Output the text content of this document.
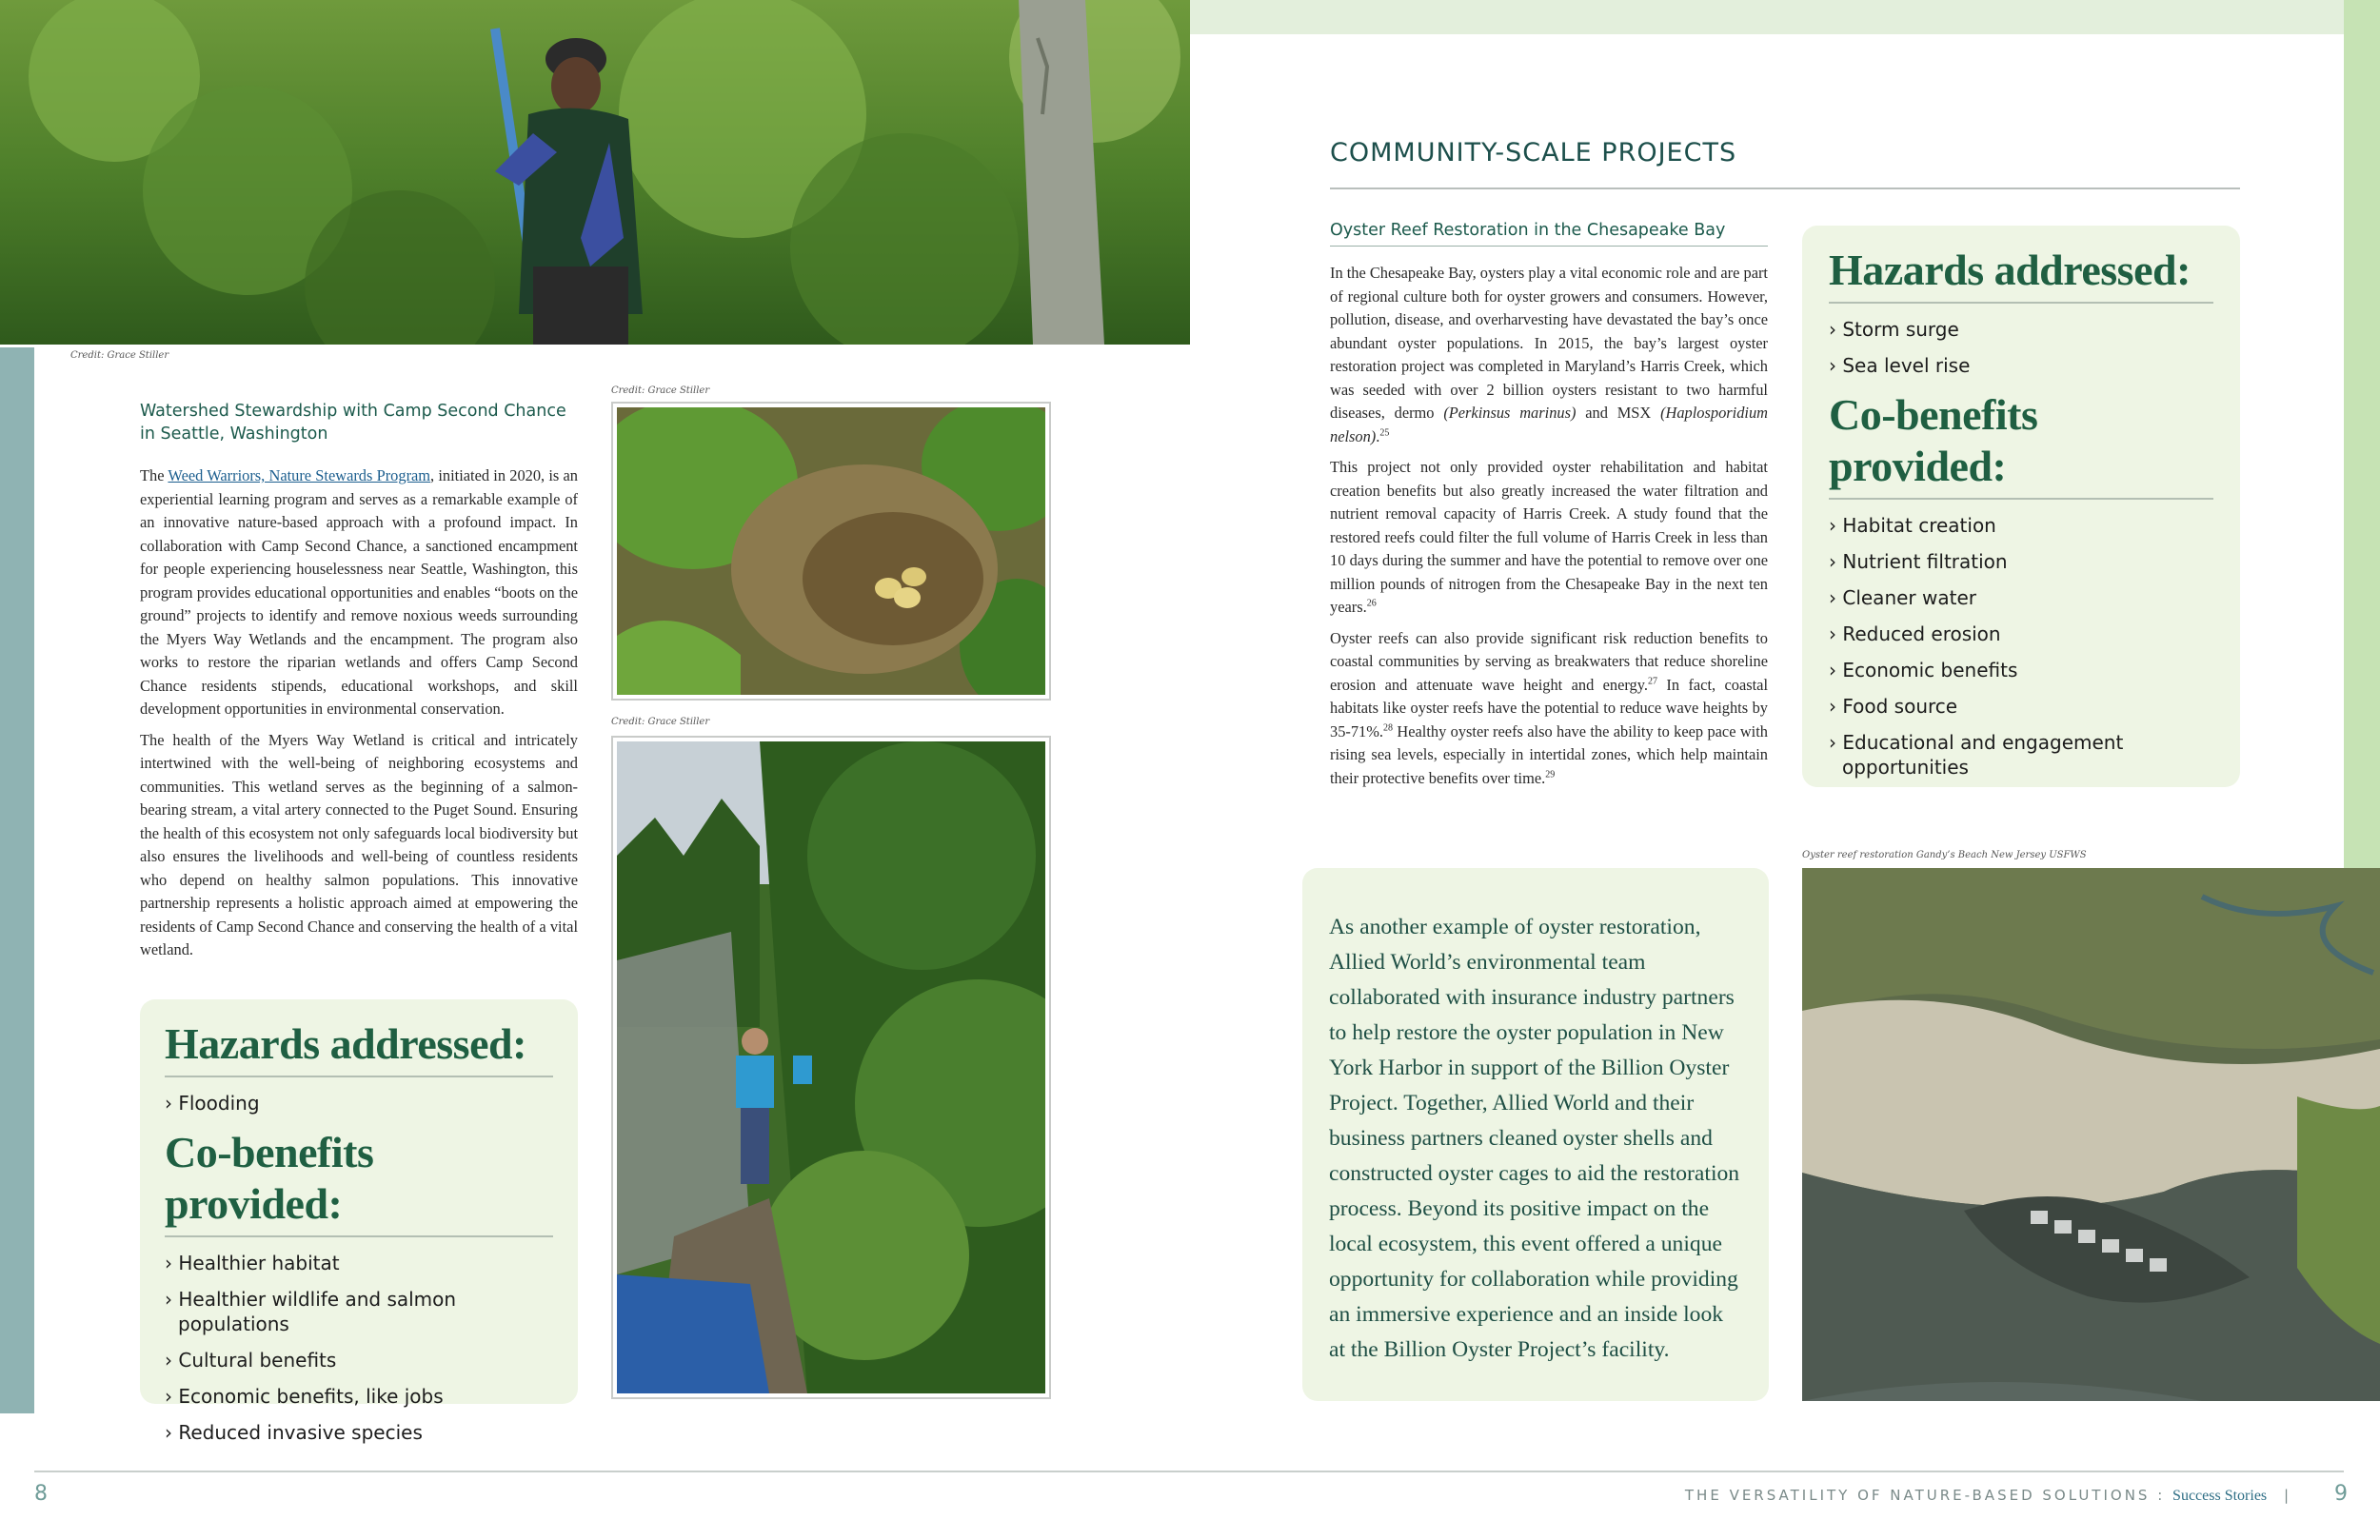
Credit: Grace Stiller
Watershed Stewardship with Camp Second Chance in Seattle, Washington

The Weed Warriors, Nature Stewards Program, initiated in 2020, is an experiential learning program and serves as a remarkable example of an innovative nature-based approach with a profound impact. In collaboration with Camp Second Chance, a sanctioned encampment for people experiencing houselessness near Seattle, Washington, this program provides educational opportunities and enables “boots on the ground” projects to identify and remove noxious weeds surrounding the Myers Way Wetlands and the encampment. The program also works to restore the riparian wetlands and offers Camp Second Chance residents stipends, educational workshops, and skill development opportunities in environmental conservation.

The health of the Myers Way Wetland is critical and intricately intertwined with the well-being of neighboring ecosystems and communities. This wetland serves as the beginning of a salmon-bearing stream, a vital artery connected to the Puget Sound. Ensuring the health of this ecosystem not only safeguards local biodiversity but also ensures the livelihoods and well-being of countless residents who depend on healthy salmon populations. This innovative partnership represents a holistic approach aimed at empowering the residents of Camp Second Chance and conserving the health of a vital wetland.

Hazards addressed:
› Flooding
Co-benefits provided:
› Healthier habitat
› Healthier wildlife and salmon populations
› Cultural benefits
› Economic benefits, like jobs
› Reduced invasive species
Credit: Grace Stiller
Credit: Grace Stiller
8
COMMUNITY-SCALE PROJECTS
Oyster Reef Restoration in the Chesapeake Bay

In the Chesapeake Bay, oysters play a vital economic role and are part of regional culture both for oyster growers and consumers. However, pollution, disease, and overharvesting have devastated the bay’s once abundant oyster populations. In 2015, the bay’s largest oyster restoration project was completed in Maryland’s Harris Creek, which was seeded with over 2 billion oysters resistant to two harmful diseases, dermo (Perkinsus marinus) and MSX (Haplosporidium nelson).$^{25}$

This project not only provided oyster rehabilitation and habitat creation benefits but also greatly increased the water filtration and nutrient removal capacity of Harris Creek. A study found that the restored reefs could filter the full volume of Harris Creek in less than 10 days during the summer and have the potential to remove over one million pounds of nitrogen from the Chesapeake Bay in the next ten years.$^{26}$

Oyster reefs can also provide significant risk reduction benefits to coastal communities by serving as breakwaters that reduce shoreline erosion and attenuate wave height and energy.$^{27}$ In fact, coastal habitats like oyster reefs have the potential to reduce wave heights by 35-71%.$^{28}$ Healthy oyster reefs also have the ability to keep pace with rising sea levels, especially in intertidal zones, which help maintain their protective benefits over time.$^{29}$

Hazards addressed:
› Storm surge
› Sea level rise
Co-benefits provided:
› Habitat creation
› Nutrient filtration
› Cleaner water
› Reduced erosion
› Economic benefits
› Food source
› Educational and engagement opportunities

As another example of oyster restoration, Allied World’s environmental team collaborated with insurance industry partners to help restore the oyster population in New York Harbor in support of the Billion Oyster Project. Together, Allied World and their business partners cleaned oyster shells and constructed oyster cages to aid the restoration process. Beyond its positive impact on the local ecosystem, this event offered a unique opportunity for collaboration while providing an immersive experience and an inside look at the Billion Oyster Project’s facility.

Oyster reef restoration Gandy’s Beach New Jersey USFWS
THE VERSATILITY OF NATURE-BASED SOLUTIONS : Success Stories |	9
